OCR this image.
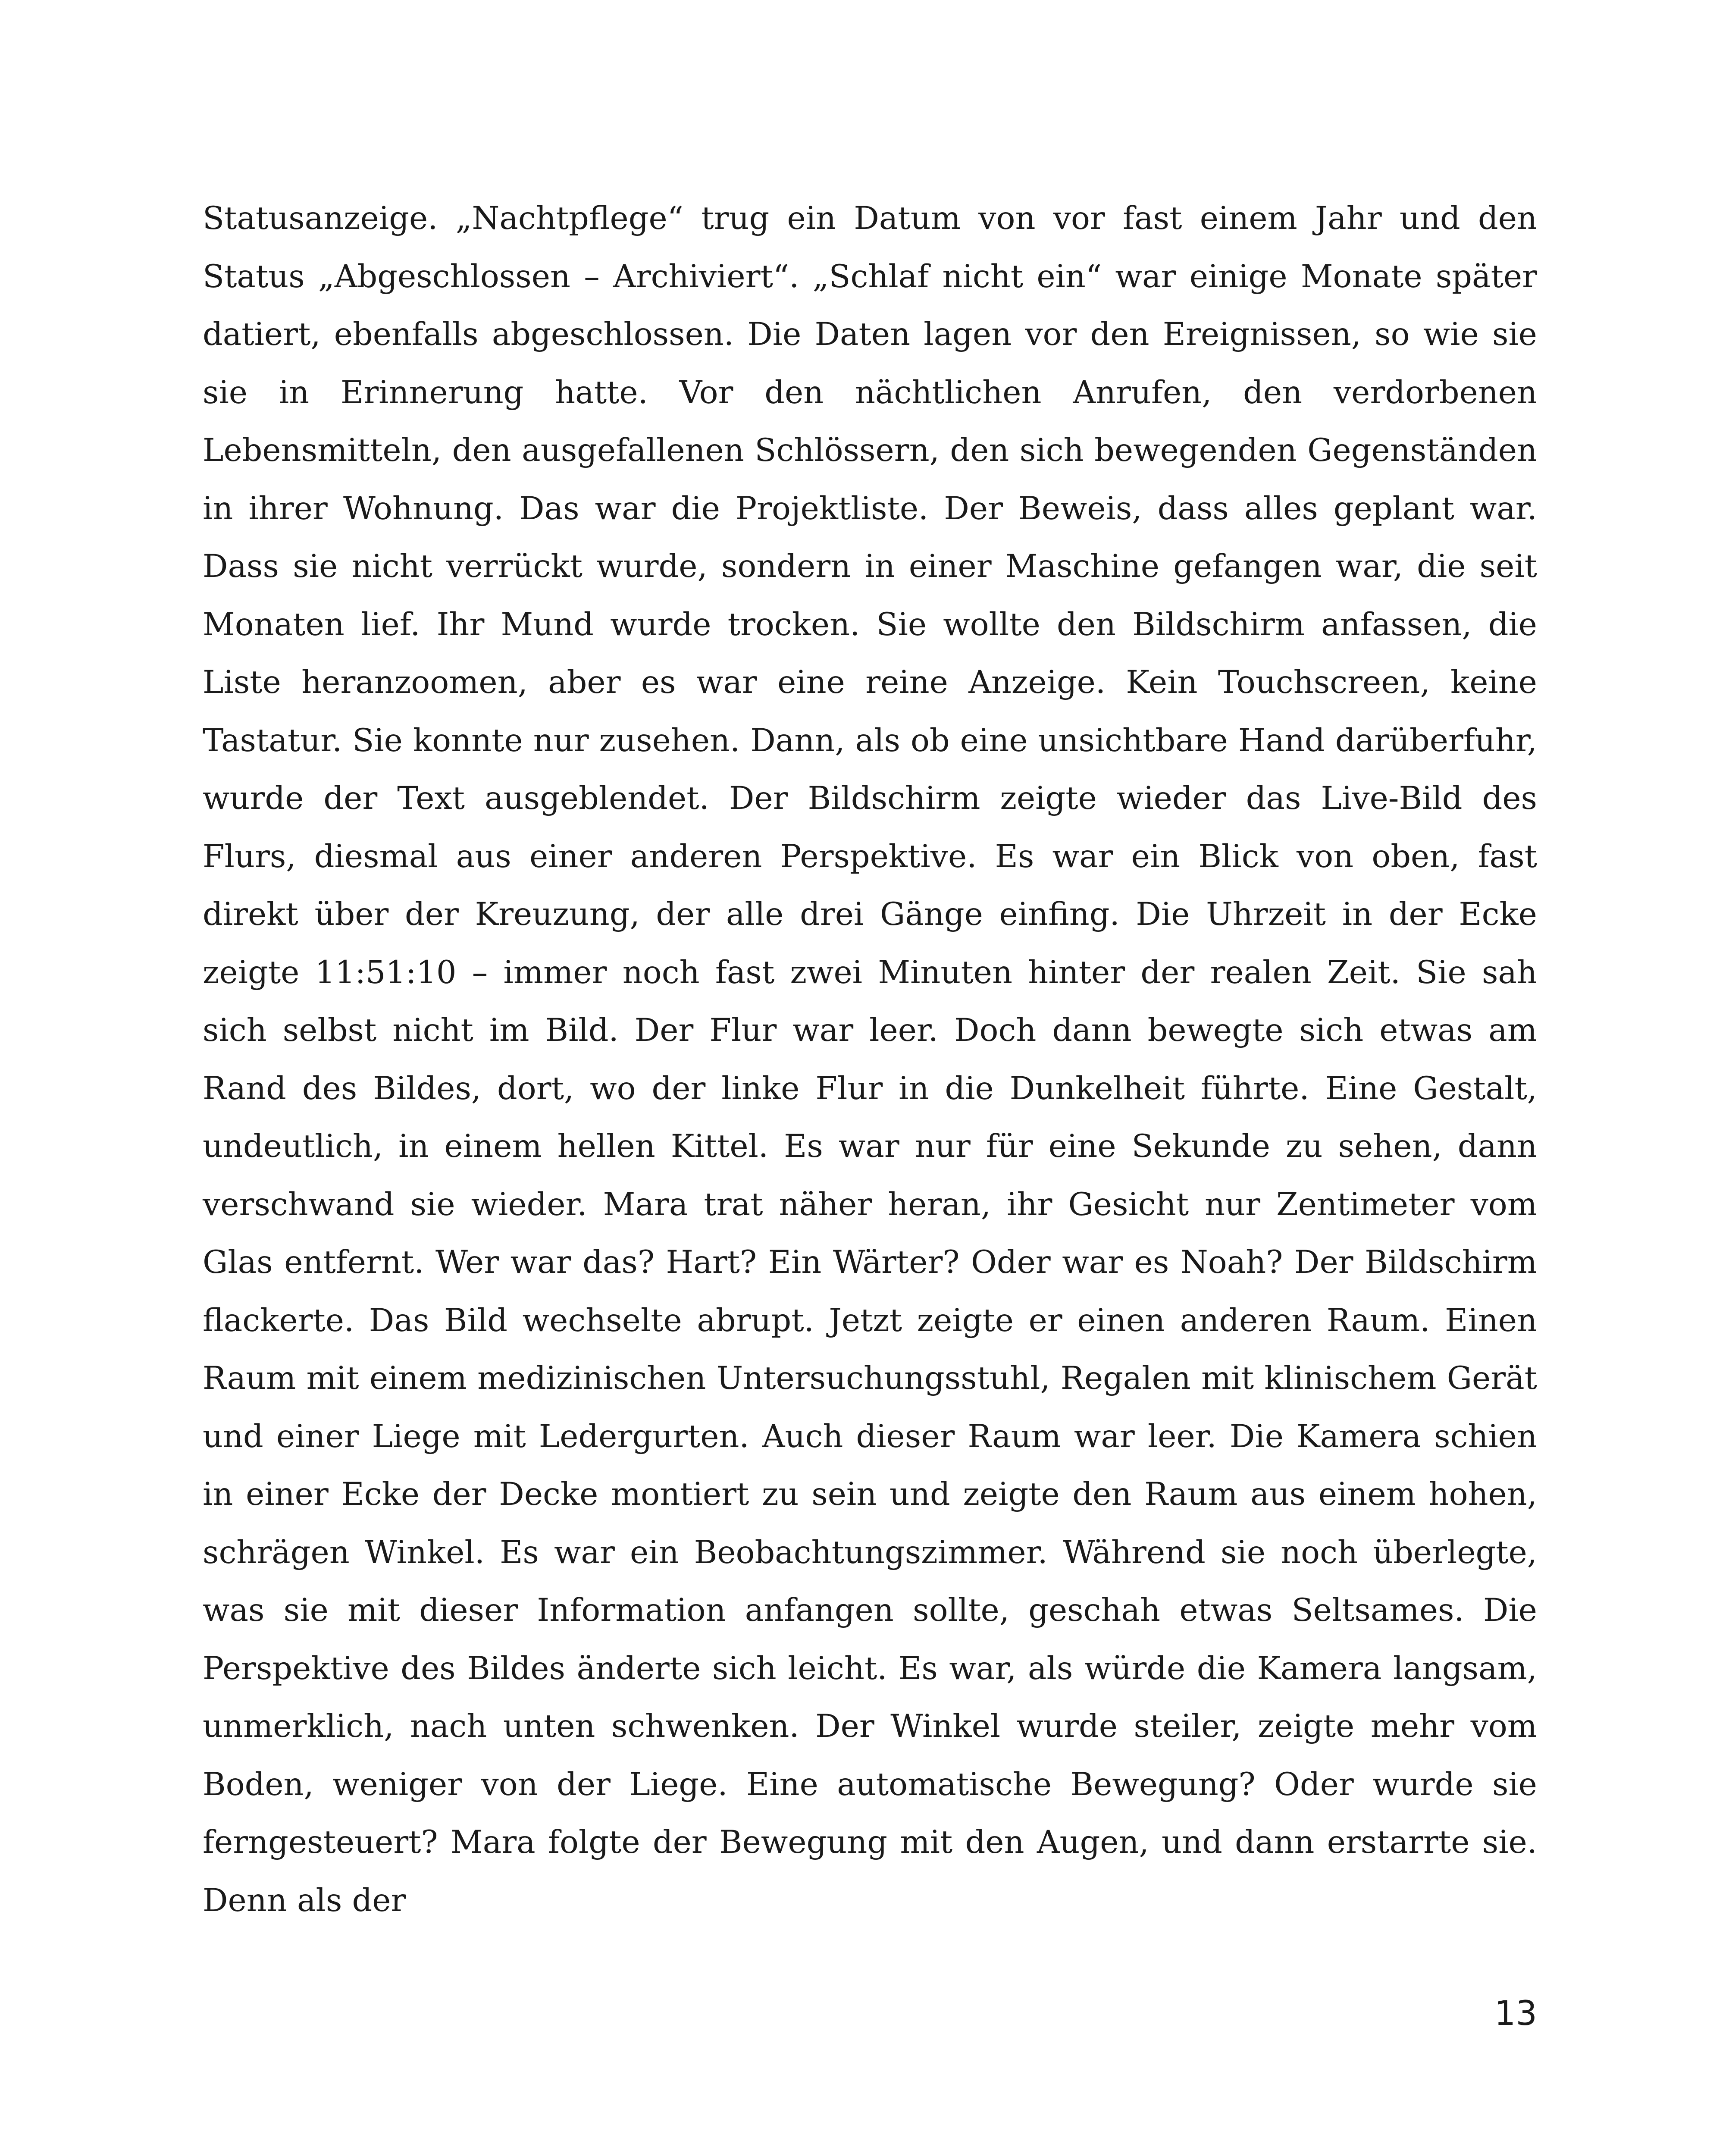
Statusanzeige. „Nachtpflege“ trug ein Datum von vor fast einem Jahr und den Status „Abgeschlossen – Archiviert“. „Schlaf nicht ein“ war einige Monate später datiert, ebenfalls abgeschlossen. Die Daten lagen vor den Ereignissen, so wie sie sie in Erinnerung hatte. Vor den nächtlichen Anrufen, den verdorbenen Lebensmitteln, den ausgefallenen Schlössern, den sich bewegenden Gegenständen in ihrer Wohnung. Das war die Projektliste. Der Beweis, dass alles geplant war. Dass sie nicht verrückt wurde, sondern in einer Maschine gefangen war, die seit Monaten lief. Ihr Mund wurde trocken. Sie wollte den Bildschirm anfassen, die Liste heranzoomen, aber es war eine reine Anzeige. Kein Touchscreen, keine Tastatur. Sie konnte nur zusehen. Dann, als ob eine unsichtbare Hand darüberfuhr, wurde der Text ausgeblendet. Der Bildschirm zeigte wieder das Live-Bild des Flurs, diesmal aus einer anderen Perspektive. Es war ein Blick von oben, fast direkt über der Kreuzung, der alle drei Gänge einfing. Die Uhrzeit in der Ecke zeigte 11:51:10 – immer noch fast zwei Minuten hinter der realen Zeit. Sie sah sich selbst nicht im Bild. Der Flur war leer. Doch dann bewegte sich etwas am Rand des Bildes, dort, wo der linke Flur in die Dunkelheit führte. Eine Gestalt, undeutlich, in einem hellen Kittel. Es war nur für eine Sekunde zu sehen, dann verschwand sie wieder. Mara trat näher heran, ihr Gesicht nur Zentimeter vom Glas entfernt. Wer war das? Hart? Ein Wärter? Oder war es Noah? Der Bildschirm flackerte. Das Bild wechselte abrupt. Jetzt zeigte er einen anderen Raum. Einen Raum mit einem medizinischen Untersuchungsstuhl, Regalen mit klinischem Gerät und einer Liege mit Ledergurten. Auch dieser Raum war leer. Die Kamera schien in einer Ecke der Decke montiert zu sein und zeigte den Raum aus einem hohen, schrägen Winkel. Es war ein Beobachtungszimmer. Während sie noch überlegte, was sie mit dieser Information anfangen sollte, geschah etwas Seltsames. Die Perspektive des Bildes änderte sich leicht. Es war, als würde die Kamera langsam, unmerklich, nach unten schwenken. Der Winkel wurde steiler, zeigte mehr vom Boden, weniger von der Liege. Eine automatische Bewegung? Oder wurde sie ferngesteuert? Mara folgte der Bewegung mit den Augen, und dann erstarrte sie. Denn als der

13
